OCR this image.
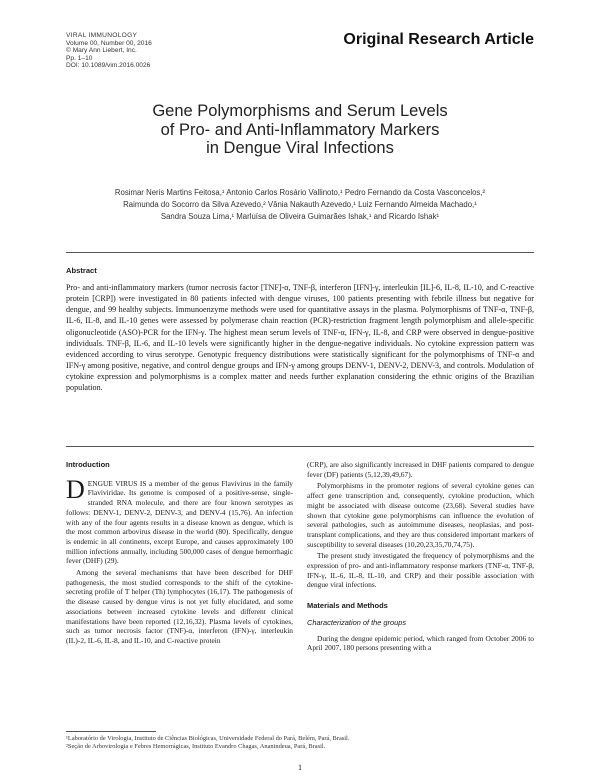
VIRAL IMMUNOLOGY
Volume 00, Number 00, 2016
© Mary Ann Liebert, Inc.
Pp. 1–10
DOI: 10.1089/vim.2016.0026
Original Research Article
Gene Polymorphisms and Serum Levels
of Pro- and Anti-Inflammatory Markers
in Dengue Viral Infections
Rosimar Neris Martins Feitosa,¹ Antonio Carlos Rosário Vallinoto,¹ Pedro Fernando da Costa Vasconcelos,²
Raimunda do Socorro da Silva Azevedo,² Vânia Nakauth Azevedo,¹ Luiz Fernando Almeida Machado,¹
Sandra Souza Lima,¹ Marluísa de Oliveira Guimarães Ishak,¹ and Ricardo Ishak¹
Abstract
Pro- and anti-inflammatory markers (tumor necrosis factor [TNF]-α, TNF-β, interferon [IFN]-γ, interleukin [IL]-6, IL-8, IL-10, and C-reactive protein [CRP]) were investigated in 80 patients infected with dengue viruses, 100 patients presenting with febrile illness but negative for dengue, and 99 healthy subjects. Immunoenzyme methods were used for quantitative assays in the plasma. Polymorphisms of TNF-α, TNF-β, IL-6, IL-8, and IL-10 genes were assessed by polymerase chain reaction (PCR)-restriction fragment length polymorphism and allele-specific oligonucleotide (ASO)-PCR for the IFN-γ. The highest mean serum levels of TNF-α, IFN-γ, IL-8, and CRP were observed in dengue-positive individuals. TNF-β, IL-6, and IL-10 levels were significantly higher in the dengue-negative individuals. No cytokine expression pattern was evidenced according to virus serotype. Genotypic frequency distributions were statistically significant for the polymorphisms of TNF-α and IFN-γ among positive, negative, and control dengue groups and IFN-γ among groups DENV-1, DENV-2, DENV-3, and controls. Modulation of cytokine expression and polymorphisms is a complex matter and needs further explanation considering the ethnic origins of the Brazilian population.
Introduction

DENGUE VIRUS IS a member of the genus Flavivirus in the family Flaviviridae. Its genome is composed of a positive-sense, single-stranded RNA molecule, and there are four known serotypes as follows: DENV-1, DENV-2, DENV-3, and DENV-4 (15,76). An infection with any of the four agents results in a disease known as dengue, which is the most common arbovirus disease in the world (80). Specifically, dengue is endemic in all continents, except Europe, and causes approximately 100 million infections annually, including 500,000 cases of dengue hemorrhagic fever (DHF) (29).

Among the several mechanisms that have been described for DHF pathogenesis, the most studied corresponds to the shift of the cytokine-secreting profile of T helper (Th) lymphocytes (16,17). The pathogenesis of the disease caused by dengue virus is not yet fully elucidated, and some associations between increased cytokine levels and different clinical manifestations have been reported (12,16,32). Plasma levels of cytokines, such as tumor necrosis factor (TNF)-α, interferon (IFN)-γ, interleukin (IL)-2, IL-6, IL-8, and IL-10, and C-reactive protein

(CRP), are also significantly increased in DHF patients compared to dengue fever (DF) patients (5,12,39,49,67).

Polymorphisms in the promoter regions of several cytokine genes can affect gene transcription and, consequently, cytokine production, which might be associated with disease outcome (23,68). Several studies have shown that cytokine gene polymorphisms can influence the evolution of several pathologies, such as autoimmune diseases, neoplasias, and post-transplant complications, and they are thus considered important markers of susceptibility to several diseases (10,20,23,35,70,74,75).

The present study investigated the frequency of polymorphisms and the expression of pro- and anti-inflammatory response markers (TNF-α, TNF-β, IFN-γ, IL-6, IL-8, IL-10, and CRP) and their possible association with dengue viral infections.

Materials and Methods
Characterization of the groups

During the dengue epidemic period, which ranged from October 2006 to April 2007, 180 persons presenting with a

¹Laboratório de Virologia, Instituto de Ciências Biológicas, Universidade Federal do Pará, Belém, Pará, Brasil.
²Seção de Arbovirologia e Febres Hemorrágicas, Instituto Evandro Chagas, Ananindeua, Pará, Brasil.
1
